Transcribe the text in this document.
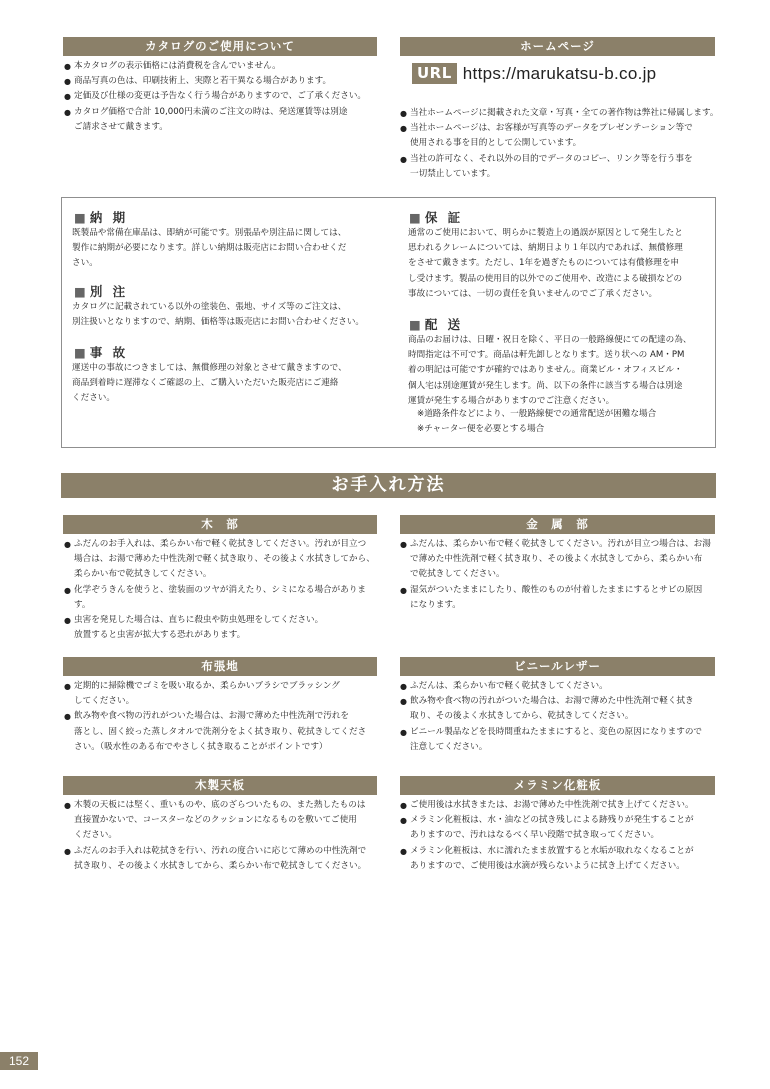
カタログのご使用について
● 本カタログの表示価格には消費税を含んでいません。
● 商品写真の色は、印刷技術上、実際と若干異なる場合があります。
● 定価及び仕様の変更は予告なく行う場合がありますので、ご了承ください。
● カタログ価格で合計 10,000円未満のご注文の時は、発送運賃等は別途
ご請求させて戴きます。
ホームページ
URL https://marukatsu-b.co.jp
● 当社ホームページに掲載された文章・写真・全ての著作物は弊社に帰属します。
● 当社ホームページは、お客様が写真等のデータをプレゼンテーション等で
使用される事を目的として公開しています。
● 当社の許可なく、それ以外の目的でデータのコピー、リンク等を行う事を
一切禁止しています。
■ 納 期
既製品や常備在庫品は、即納が可能です。別張品や別注品に関しては、
製作に納期が必要になります。詳しい納期は販売店にお問い合わせくだ
さい。
■ 別 注
カタログに記載されている以外の塗装色、張地、サイズ等のご注文は、
別注扱いとなりますので、納期、価格等は販売店にお問い合わせください。
■ 事 故
運送中の事故につきましては、無償修理の対象とさせて戴きますので、
商品到着時に遅滞なくご確認の上、ご購入いただいた販売店にご連絡
ください。
■ 保 証
通常のご使用において、明らかに製造上の過誤が原因として発生したと
思われるクレームについては、納期日より１年以内であれば、無償修理
をさせて戴きます。ただし、1年を過ぎたものについては有償修理を申
し受けます。製品の使用目的以外でのご使用や、改造による破損などの
事故については、一切の責任を負いませんのでご了承ください。
■ 配 送
商品のお届けは、日曜・祝日を除く、平日の一般路線便にての配達の為、
時間指定は不可です。商品は軒先卸しとなります。送り状への AM・PM
着の明記は可能ですが確約ではありません。商業ビル・オフィスビル・
個人宅は別途運賃が発生します。尚、以下の条件に該当する場合は別途
運賃が発生する場合がありますのでご注意ください。
※道路条件などにより、一般路線便での通常配送が困難な場合
※チャーター便を必要とする場合
お手入れ方法
木　部
● ふだんのお手入れは、柔らかい布で軽く乾拭きしてください。汚れが目立つ
場合は、お湯で薄めた中性洗剤で軽く拭き取り、その後よく水拭きしてから、
柔らかい布で乾拭きしてください。
● 化学ぞうきんを使うと、塗装面のツヤが消えたり、シミになる場合がありま
す。
● 虫害を発見した場合は、直ちに殺虫や防虫処理をしてください。
放置すると虫害が拡大する恐れがあります。
金　属　部
● ふだんは、柔らかい布で軽く乾拭きしてください。汚れが目立つ場合は、お湯
で薄めた中性洗剤で軽く拭き取り、その後よく水拭きしてから、柔らかい布
で乾拭きしてください。
● 湿気がついたままにしたり、酸性のものが付着したままにするとサビの原因
になります。
布張地
● 定期的に掃除機でゴミを吸い取るか、柔らかいブラシでブラッシング
してください。
● 飲み物や食べ物の汚れがついた場合は、お湯で薄めた中性洗剤で汚れを
落とし、固く絞った蒸しタオルで洗剤分をよく拭き取り、乾拭きしてくださ
さい。（吸水性のある布でやさしく拭き取ることがポイントです）
ビニールレザー
● ふだんは、柔らかい布で軽く乾拭きしてください。
● 飲み物や食べ物の汚れがついた場合は、お湯で薄めた中性洗剤で軽く拭き
取り、その後よく水拭きしてから、乾拭きしてください。
● ビニール製品などを長時間重ねたままにすると、変色の原因になりますので
注意してください。
木製天板
● 木製の天板には堅く、重いものや、底のざらついたもの、また熱したものは
直接置かないで、コースターなどのクッションになるものを敷いてご使用
ください。
● ふだんのお手入れは乾拭きを行い、汚れの度合いに応じて薄めの中性洗剤で
拭き取り、その後よく水拭きしてから、柔らかい布で乾拭きしてください。
メラミン化粧板
● ご使用後は水拭きまたは、お湯で薄めた中性洗剤で拭き上げてください。
● メラミン化粧板は、水・油などの拭き残しによる跡残りが発生することが
ありますので、汚れはなるべく早い段階で拭き取ってください。
● メラミン化粧板は、水に濡れたまま放置すると水垢が取れなくなることが
ありますので、ご使用後は水滴が残らないように拭き上げてください。
152
